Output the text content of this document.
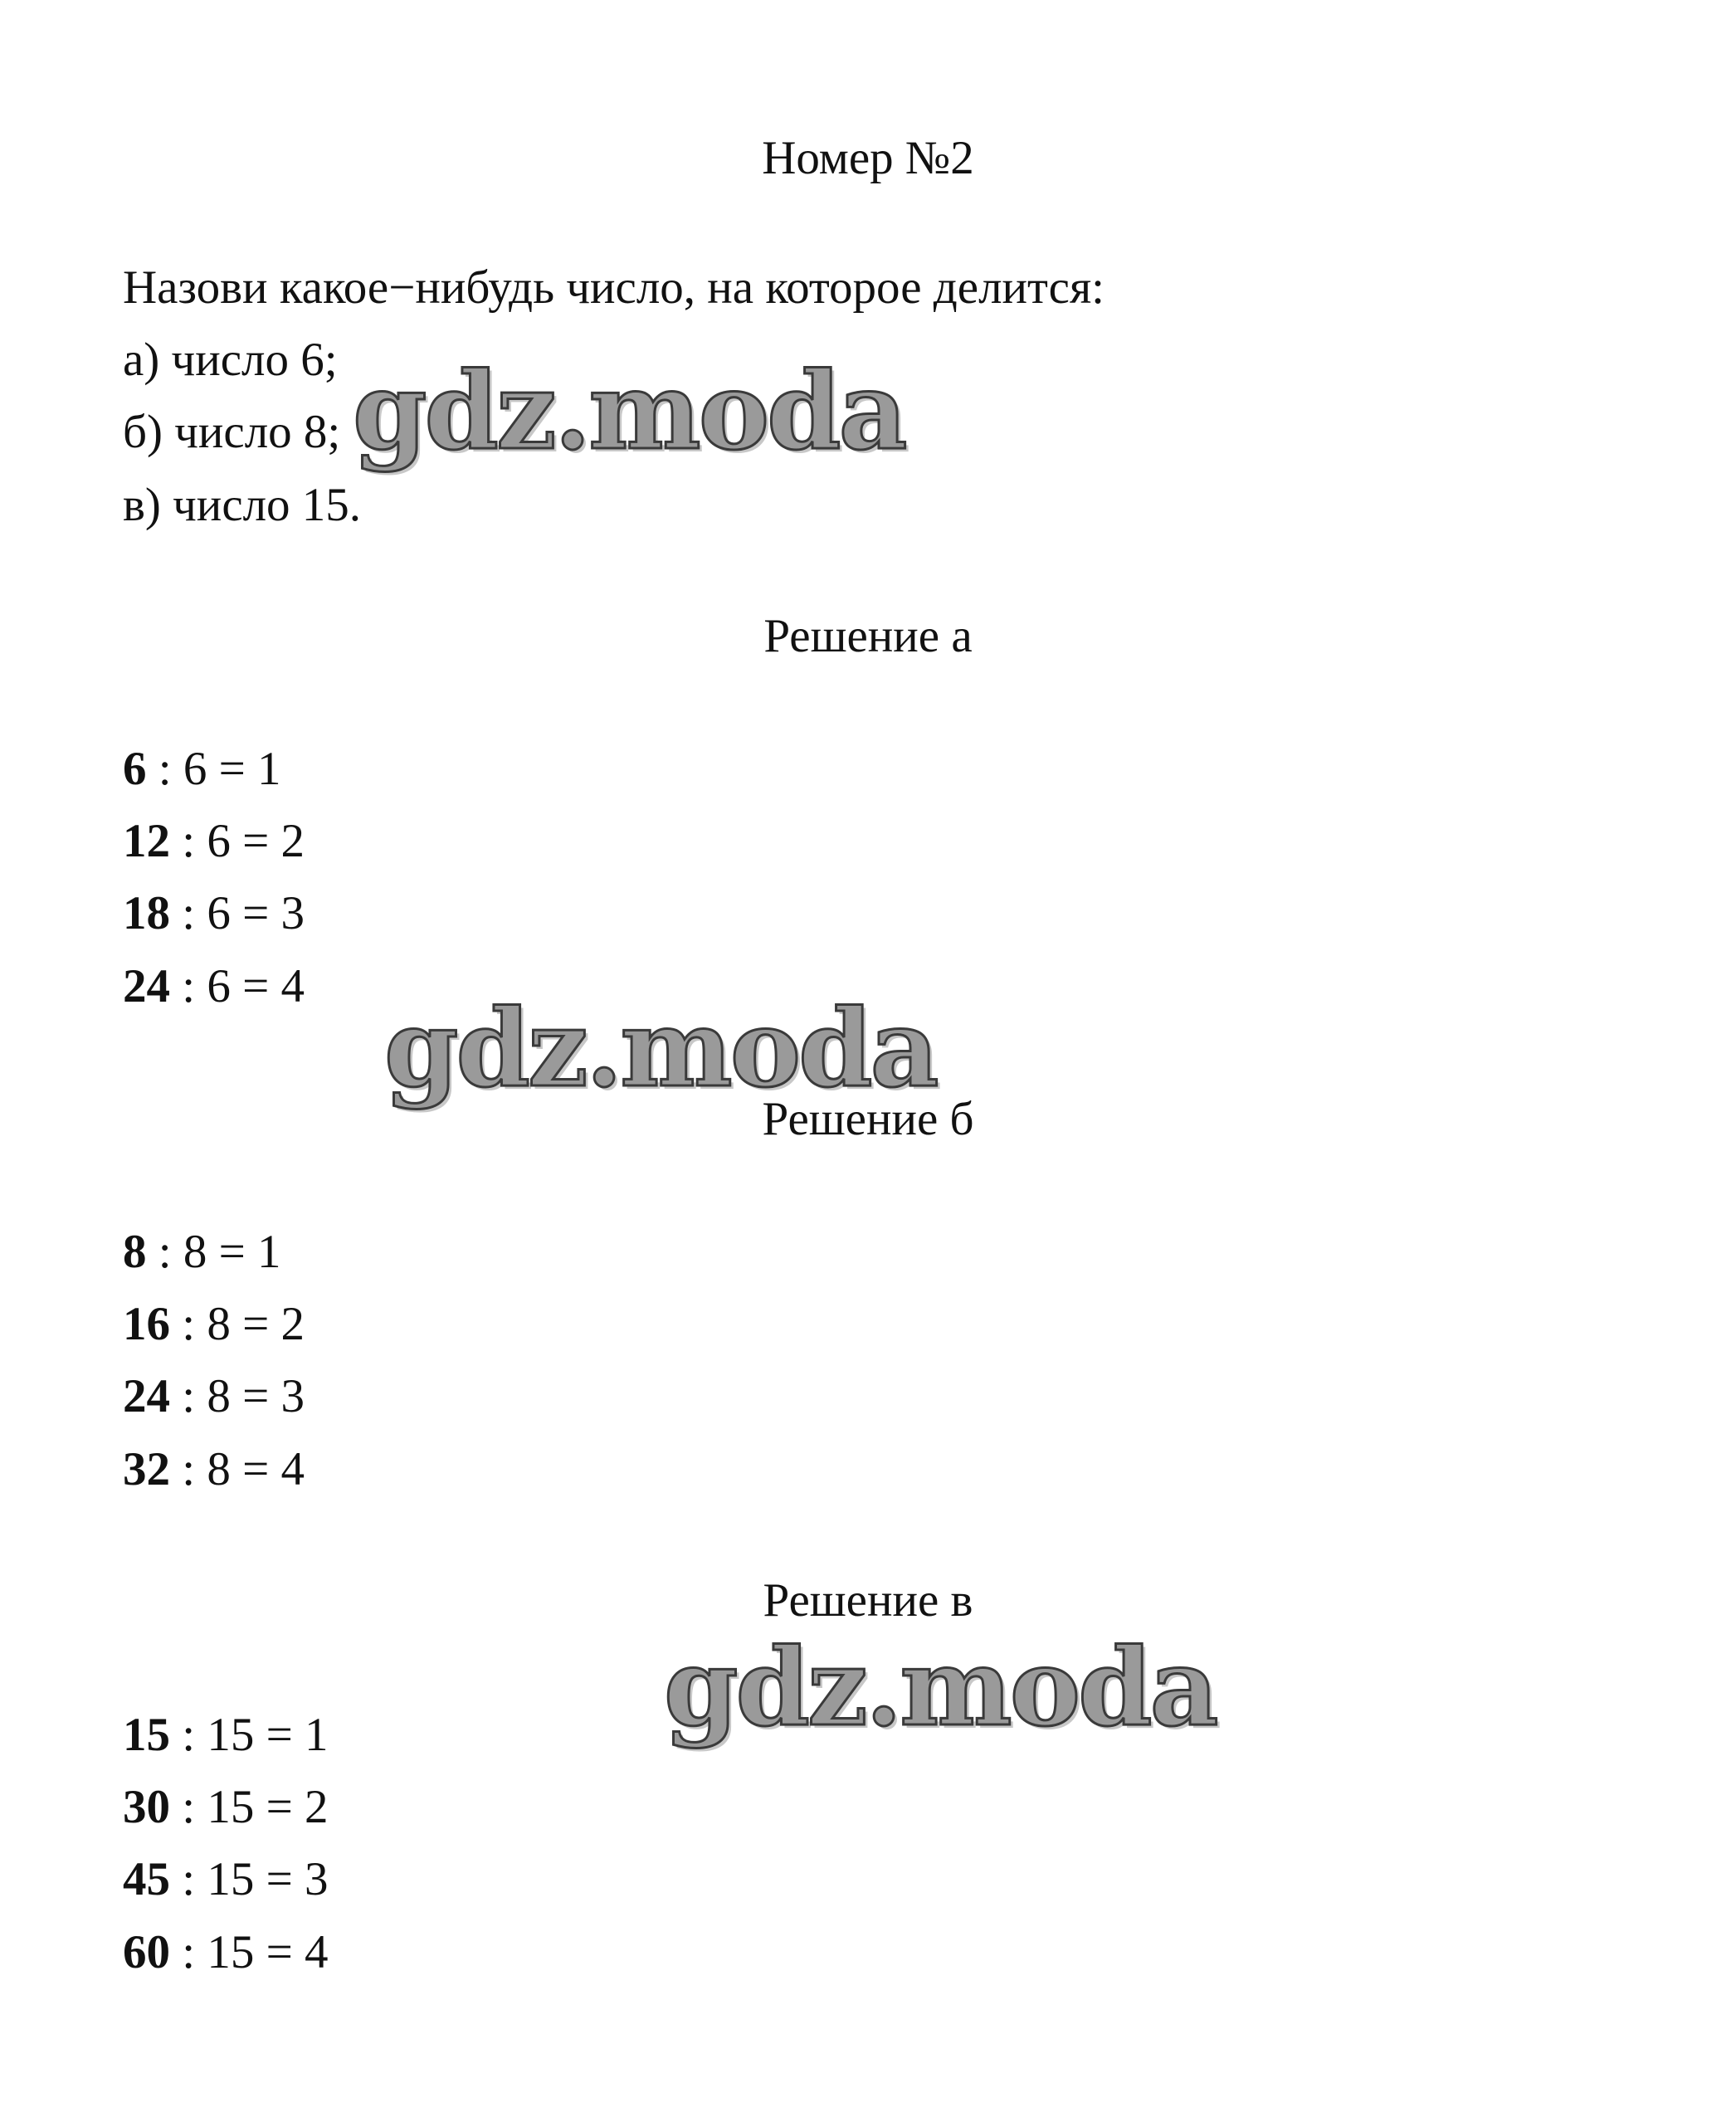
Номер №2
Назови какое−нибудь число, на которое делится:
а) число 6;
б) число 8;
в) число 15.
Решение а
6 : 6 = 1
12 : 6 = 2
18 : 6 = 3
24 : 6 = 4
Решение б
8 : 8 = 1
16 : 8 = 2
24 : 8 = 3
32 : 8 = 4
Решение в
15 : 15 = 1
30 : 15 = 2
45 : 15 = 3
60 : 15 = 4
gdz.moda
gdz.moda
gdz.moda
